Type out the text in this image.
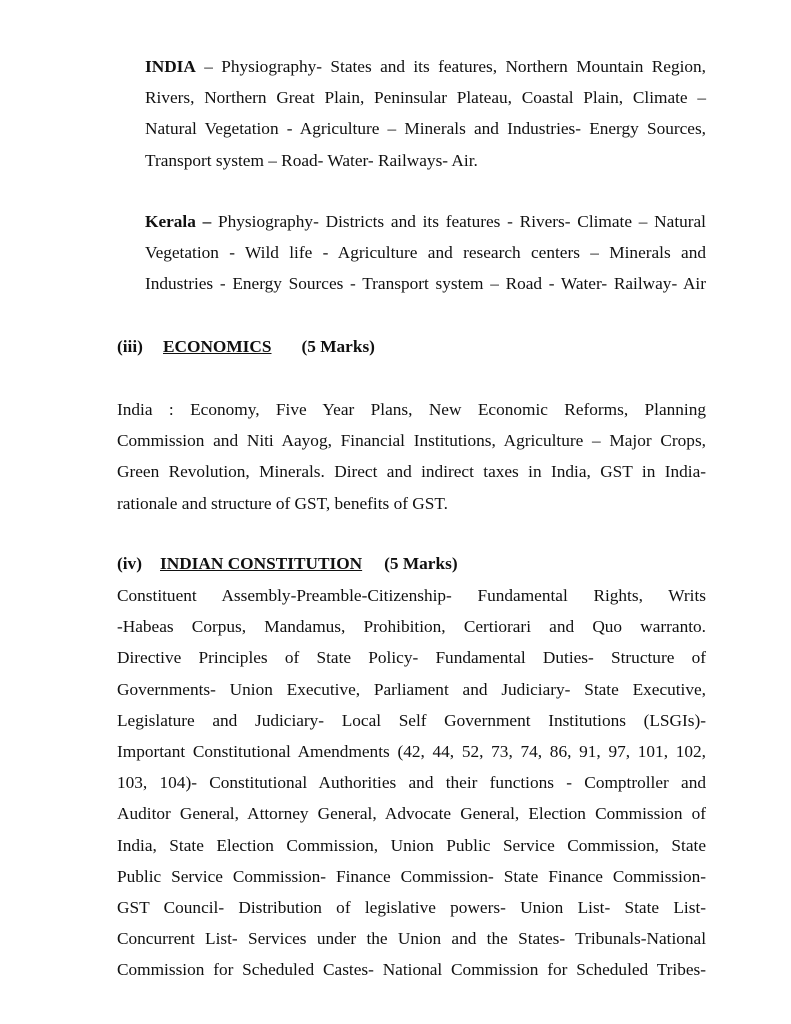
INDIA – Physiography- States and its features, Northern Mountain Region,
Rivers, Northern Great Plain, Peninsular Plateau, Coastal Plain, Climate –
Natural Vegetation - Agriculture – Minerals and Industries- Energy Sources,
Transport system – Road- Water- Railways- Air.
Kerala – Physiography- Districts and its features - Rivers- Climate – Natural
Vegetation - Wild life - Agriculture and research centers – Minerals and
Industries - Energy Sources - Transport system – Road - Water- Railway- Air
(iii) ECONOMICS (5 Marks)
India : Economy, Five Year Plans, New Economic Reforms, Planning
Commission and Niti Aayog, Financial Institutions, Agriculture – Major Crops,
Green Revolution, Minerals. Direct and indirect taxes in India, GST in India-
rationale and structure of GST, benefits of GST.
(iv) INDIAN CONSTITUTION (5 Marks)
Constituent Assembly-Preamble-Citizenship- Fundamental Rights, Writs
-Habeas Corpus, Mandamus, Prohibition, Certiorari and Quo warranto.
Directive Principles of State Policy- Fundamental Duties- Structure of
Governments- Union Executive, Parliament and Judiciary- State Executive,
Legislature and Judiciary- Local Self Government Institutions (LSGIs)-
Important Constitutional Amendments (42, 44, 52, 73, 74, 86, 91, 97, 101, 102,
103, 104)- Constitutional Authorities and their functions - Comptroller and
Auditor General, Attorney General, Advocate General, Election Commission of
India, State Election Commission, Union Public Service Commission, State
Public Service Commission- Finance Commission- State Finance Commission-
GST Council- Distribution of legislative powers- Union List- State List-
Concurrent List- Services under the Union and the States- Tribunals-National
Commission for Scheduled Castes- National Commission for Scheduled Tribes-
